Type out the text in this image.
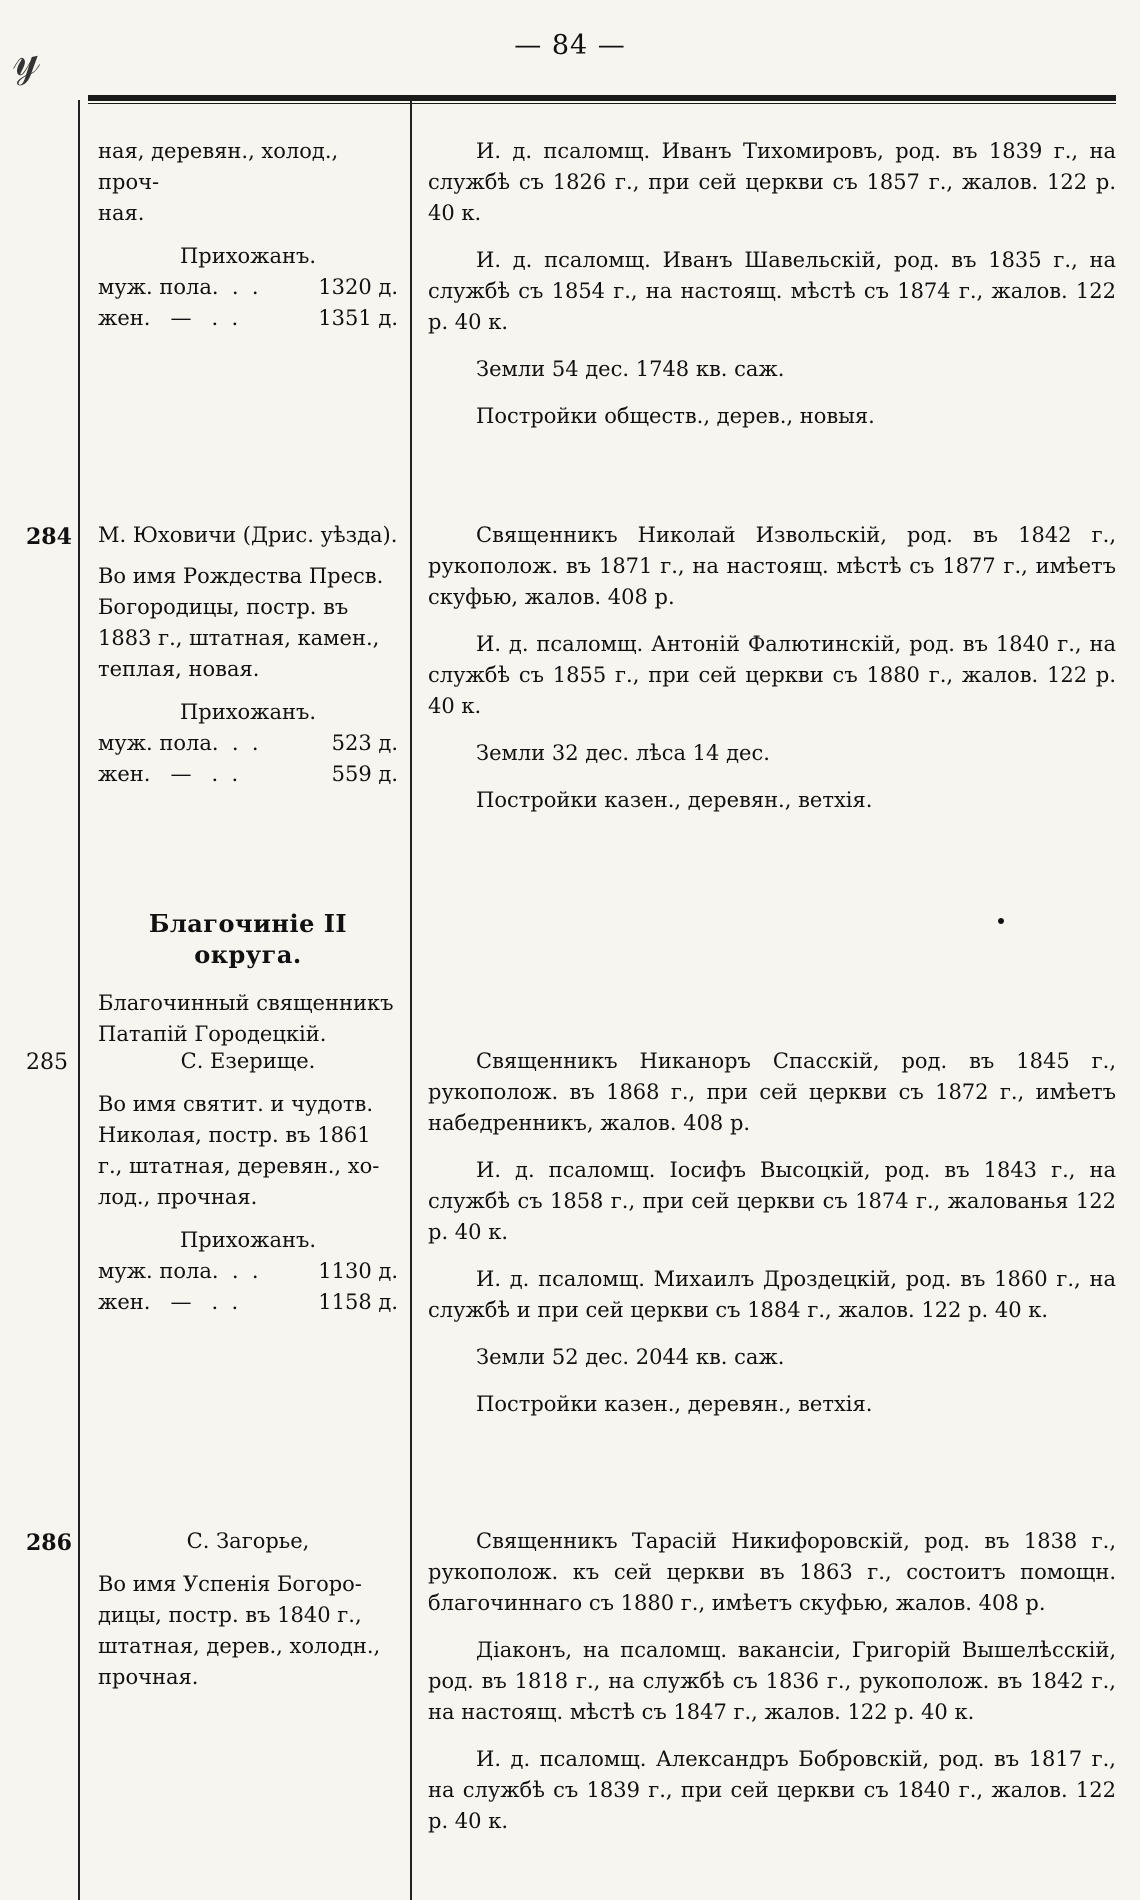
𝓎	— 84 —
ная, деревян., холод., проч-
ная.
Прихожанъ.
муж. пола.  .  .	1320 д.
жен.   —   .  .	1351 д.

И. д. псаломщ. Иванъ Тихомировъ, род. въ 1839 г., на службѣ съ 1826 г., при сей церкви съ 1857 г., жалов. 122 р. 40 к.

И. д. псаломщ. Иванъ Шавельскій, род. въ 1835 г., на службѣ съ 1854 г., на настоящ. мѣстѣ съ 1874 г., жалов. 122 р. 40 к.

Земли 54 дес. 1748 кв. саж.

Постройки обществ., дерев., новыя.

284 М. Юховичи (Дрис. уѣзда).
Во имя Рождества Пресв.
Богородицы, постр. въ
1883 г., штатная, камен.,
теплая, новая.
Прихожанъ.
муж. пола.  .  .	523 д.
жен.   —   .  .	559 д.

Священникъ Николай Извольскій, род. въ 1842 г., рукополож. въ 1871 г., на настоящ. мѣстѣ съ 1877 г., имѣетъ скуфью, жалов. 408 р.

И. д. псаломщ. Антоній Фалютинскій, род. въ 1840 г., на службѣ съ 1855 г., при сей церкви съ 1880 г., жалов. 122 р. 40 к.

Земли 32 дес. лѣса 14 дес.

Постройки казен., деревян., ветхія.

Благочиніе II округа.
Благочинный священникъ
Патапій Городецкій.
285	С. Езерище.
Во имя святит. и чудотв.
Николая, постр. въ 1861
г., штатная, деревян., хо-
лод., прочная.
Прихожанъ.
муж. пола.  .  .	1130 д.
жен.   —   .  .	1158 д.

Священникъ Никаноръ Спасскій, род. въ 1845 г., рукополож. въ 1868 г., при сей церкви съ 1872 г., имѣетъ набедренникъ, жалов. 408 р.

И. д. псаломщ. Іосифъ Высоцкій, род. въ 1843 г., на службѣ съ 1858 г., при сей церкви съ 1874 г., жалованья 122 р. 40 к.

И. д. псаломщ. Михаилъ Дроздецкій, род. въ 1860 г., на службѣ и при сей церкви съ 1884 г., жалов. 122 р. 40 к.

Земли 52 дес. 2044 кв. саж.

Постройки казен., деревян., ветхія.

286	С. Загорье,
Во имя Успенія Богоро-
дицы, постр. въ 1840 г.,
штатная, дерев., холодн.,
прочная.

Священникъ Тарасій Никифоровскій, род. въ 1838 г., рукополож. къ сей церкви въ 1863 г., состоитъ помощн. благочиннаго съ 1880 г., имѣетъ скуфью, жалов. 408 р.

Діаконъ, на псаломщ. вакансіи, Григорій Вышелѣсскій, род. въ 1818 г., на службѣ съ 1836 г., рукополож. въ 1842 г., на настоящ. мѣстѣ съ 1847 г., жалов. 122 р. 40 к.

И. д. псаломщ. Александръ Бобровскій, род. въ 1817 г., на службѣ съ 1839 г., при сей церкви съ 1840 г., жалов. 122 р. 40 к.
